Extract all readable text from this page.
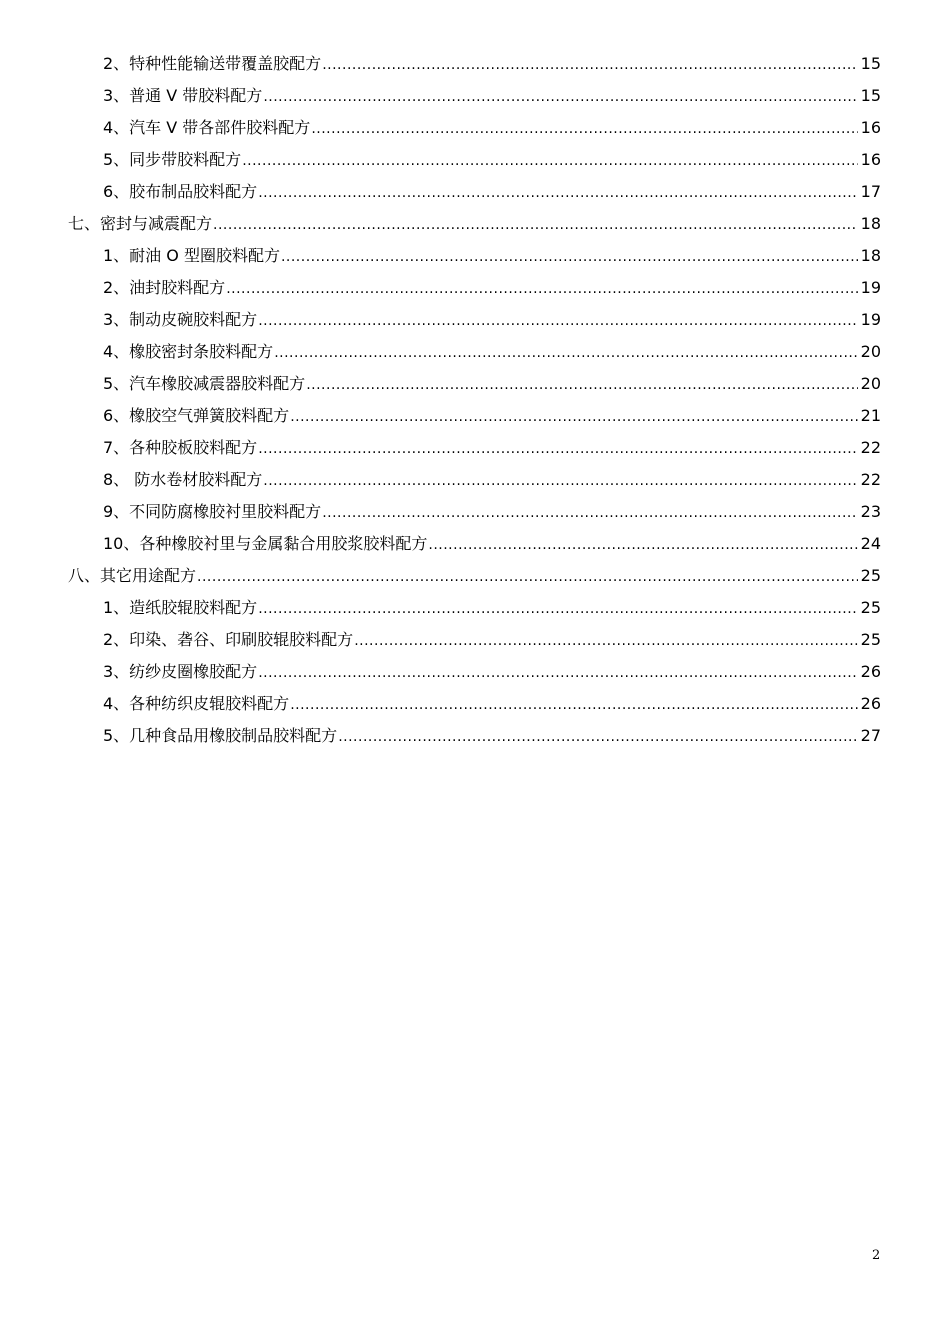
2、特种性能输送带覆盖胶配方 .....	15
3、普通 V 带胶料配方 .....	15
4、汽车 V 带各部件胶料配方 .....	16
5、同步带胶料配方 .....	16
6、胶布制品胶料配方 .....	17
七、密封与减震配方 .....	18
1、耐油 O 型圈胶料配方 .....	18
2、油封胶料配方 .....	19
3、制动皮碗胶料配方 .....	19
4、橡胶密封条胶料配方 .....	20
5、汽车橡胶减震器胶料配方 .....	20
6、橡胶空气弹簧胶料配方 .....	21
7、各种胶板胶料配方 .....	22
8、 防水卷材胶料配方 .....	22
9、不同防腐橡胶衬里胶料配方 .....	23
10、各种橡胶衬里与金属黏合用胶浆胶料配方 .....	24
八、其它用途配方 .....	25
1、造纸胶辊胶料配方 .....	25
2、印染、砻谷、印刷胶辊胶料配方 .....	25
3、纺纱皮圈橡胶配方 .....	26
4、各种纺织皮辊胶料配方 .....	26
5、几种食品用橡胶制品胶料配方 .....	27
2
